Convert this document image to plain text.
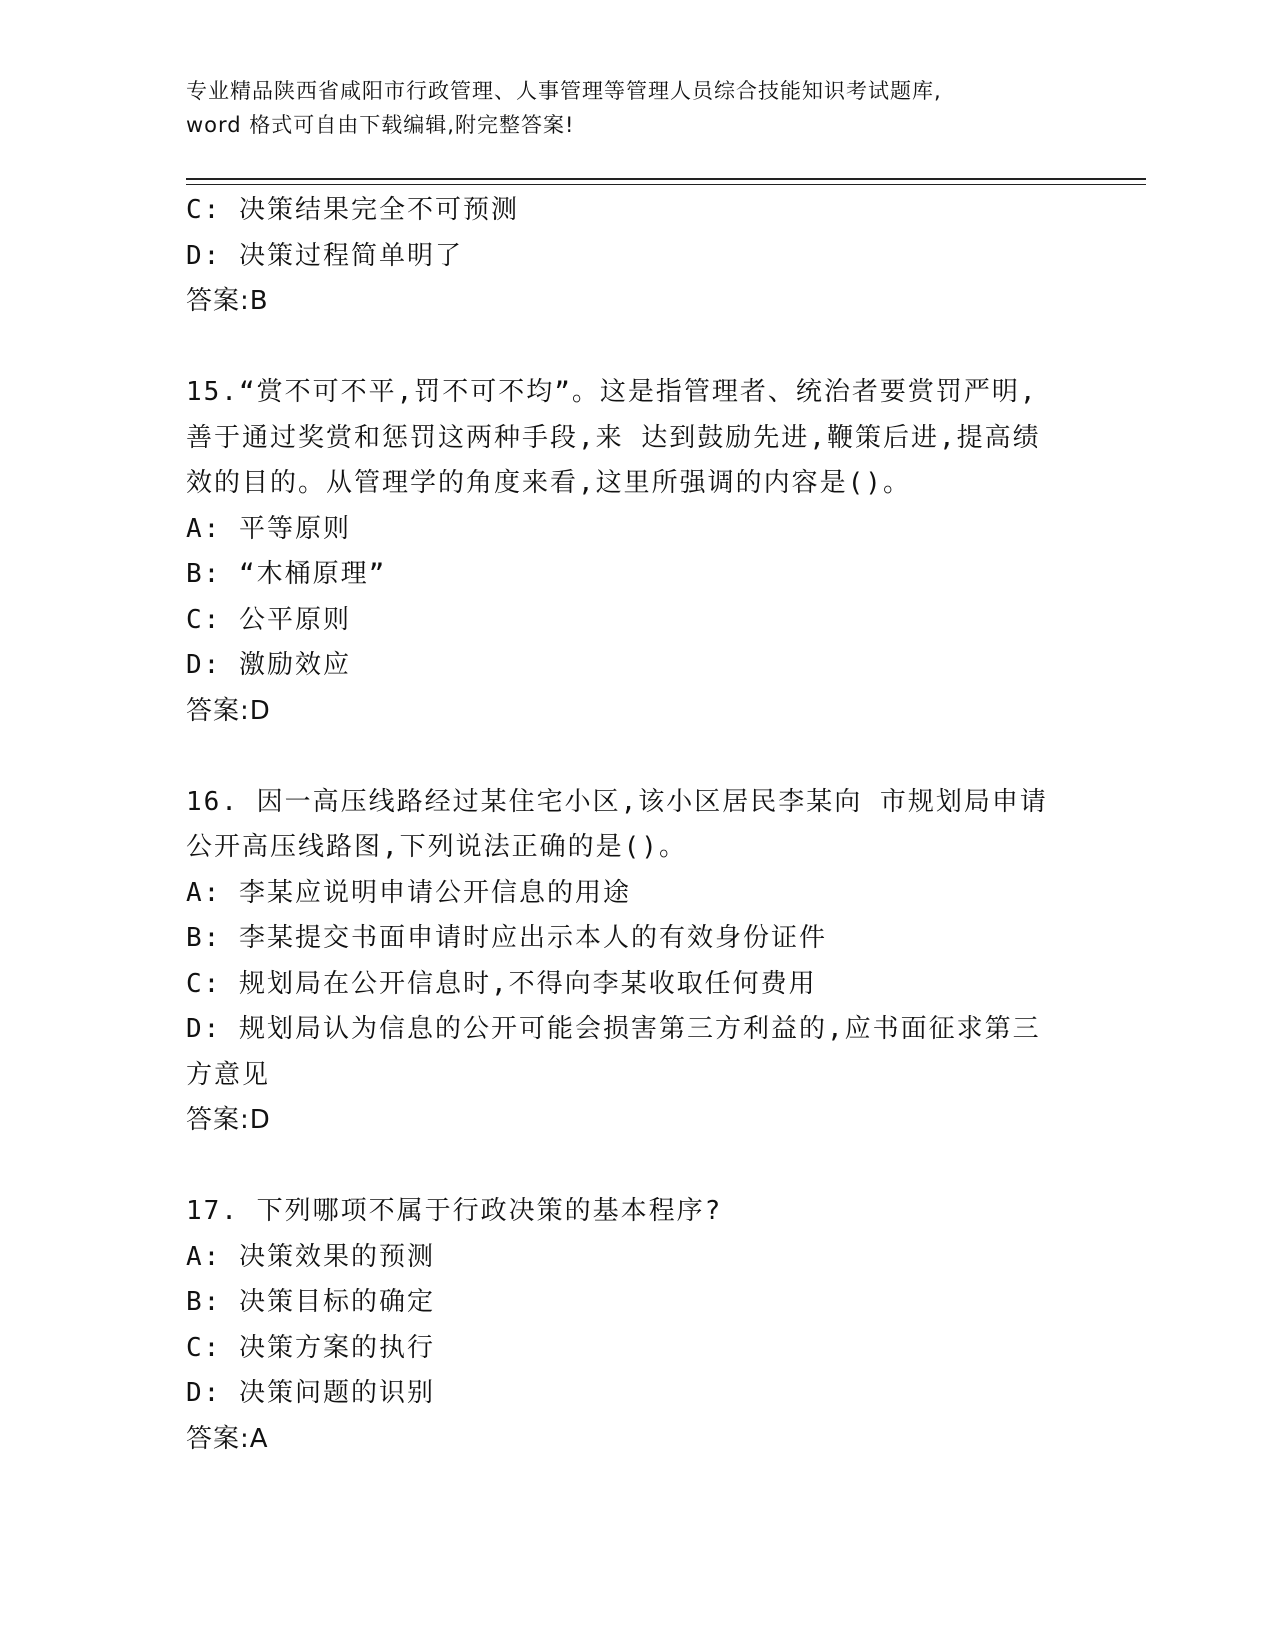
专业精品陕西省咸阳市行政管理、人事管理等管理人员综合技能知识考试题库,
word 格式可自由下载编辑,附完整答案!
C: 决策结果完全不可预测
D: 决策过程简单明了
答案:B
15.“赏不可不平,罚不可不均”。这是指管理者、统治者要赏罚严明,
善于通过奖赏和惩罚这两种手段,来 达到鼓励先进,鞭策后进,提高绩
效的目的。从管理学的角度来看,这里所强调的内容是()。
A: 平等原则
B: “木桶原理”
C: 公平原则
D: 激励效应
答案:D
16. 因一高压线路经过某住宅小区,该小区居民李某向 市规划局申请
公开高压线路图,下列说法正确的是()。
A: 李某应说明申请公开信息的用途
B: 李某提交书面申请时应出示本人的有效身份证件
C: 规划局在公开信息时,不得向李某收取任何费用
D: 规划局认为信息的公开可能会损害第三方利益的,应书面征求第三
方意见
答案:D
17. 下列哪项不属于行政决策的基本程序?
A: 决策效果的预测
B: 决策目标的确定
C: 决策方案的执行
D: 决策问题的识别
答案:A
